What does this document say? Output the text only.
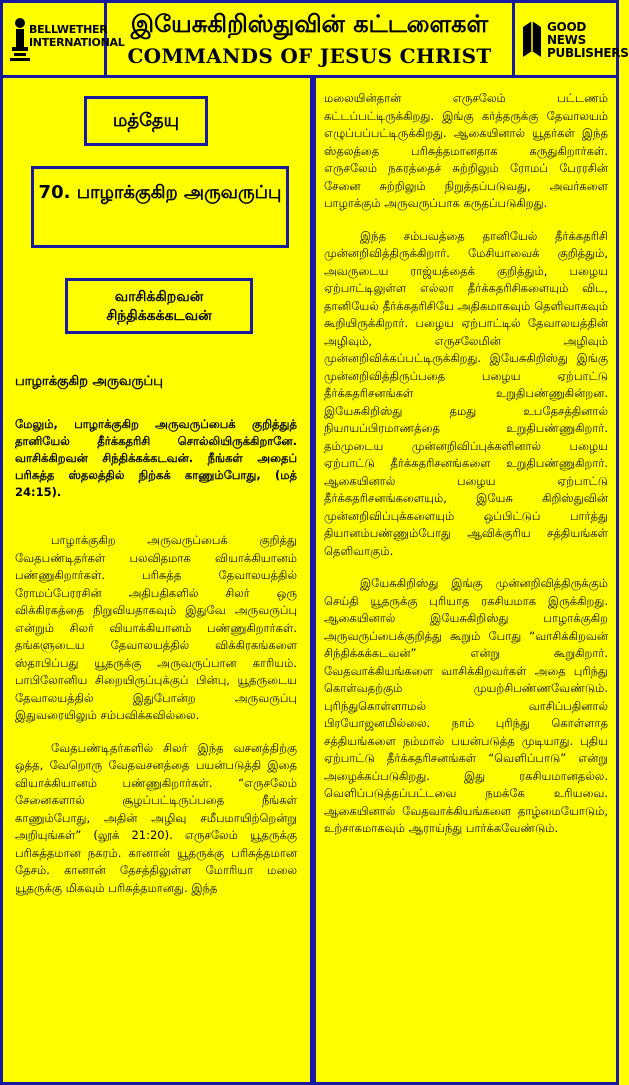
BELLWETHER INTERNATIONAL
இயேசுகிறிஸ்துவின் கட்டளைகள்
COMMANDS OF JESUS CHRIST
GOOD NEWS PUBLISHERS
மத்தேயு
70. பாழாக்குகிற அருவருப்பு
வாசிக்கிறவன் சிந்திக்கக்கடவன்
பாழாக்குகிற அருவருப்பு
மேலும், பாழாக்குகிற அருவருப்பைக் குறித்துத் தானியேல் தீர்க்கதரிசி சொல்லியிருக்கிறானே. வாசிக்கிறவன் சிந்திக்கக்கடவன். நீங்கள் அதைப் பரிசுத்த ஸ்தலத்தில் நிற்கக் காணும்போது, (மத் 24:15).

பாழாக்குகிற அருவருப்பைக் குறித்து வேதபண்டிதர்கள் பலவிதமாக வியாக்கியானம் பண்ணுகிறார்கள். பரிசுத்த தேவாலயத்தில் ரோமப்பேரரசின் அதிபதிகளில் சிலர் ஒரு விக்கிரகத்தை நிறுவியதாகவும் இதுவே அருவருப்பு என்றும் சிலர் வியாக்கியானம் பண்ணுகிறார்கள். தங்களுடைய தேவாலயத்தில் விக்கிரகங்களை ஸ்தாபிப்பது யூதருக்கு அருவருப்பான காரியம். பாபிலோனிய சிறையிருப்புக்குப் பின்பு, யூதருடைய தேவாலயத்தில் இதுபோன்ற அருவருப்பு இதுவரையிலும் சம்பவிக்கவில்லை.

வேதபண்டிதர்களில் சிலர் இந்த வசனத்திற்கு ஒத்த, வேறொரு வேதவசனத்தை பயன்படுத்தி இதை வியாக்கியானம் பண்ணுகிறார்கள். “எருசலேம் சேனைகளால் சூழப்பட்டிருப்பதை நீங்கள் காணும்போது, அதின் அழிவு சமீபமாயிற்றென்று அறியுங்கள்” (லூக் 21:20). எருசலேம் யூதருக்கு பரிசுத்தமான நகரம். கானான் யூதருக்கு பரிசுத்தமான தேசம். கானான் தேசத்திலுள்ள மோரியா மலை யூதருக்கு மிகவும் பரிசுத்தமானது. இந்த

மலையின்தான் எருசலேம் பட்டணம் கட்டப்பட்டிருக்கிறது. இங்கு கர்த்தருக்கு தேவாலயம் எழுப்பப்பட்டிருக்கிறது. ஆகையினால் யூதர்கள் இந்த ஸ்தலத்தை பரிசுத்தமானதாக கருதுகிறார்கள். எருசலேம் நகரத்தைச் சுற்றிலும் ரோமப் பேரரசின் சேனை சுற்றிலும் நிறுத்தப்படுவது, அவர்களை பாழாக்கும் அருவருப்பாக கருதப்படுகிறது.

இந்த சம்பவத்தை தானியேல் தீர்க்கதரிசி முன்னறிவித்திருக்கிறார். மேசியாவைக் குறித்தும், அவருடைய ராஜ்யத்தைக் குறித்தும், பழைய ஏற்பாட்டிலுள்ள எல்லா தீர்க்கதரிசிகளையும் விட, தானியேல் தீர்க்கதரிசியே அதிகமாகவும் தெளிவாகவும் கூறியிருக்கிறார். பழைய ஏற்பாட்டில் தேவாலயத்தின் அழிவும், எருசலேமின் அழிவும் முன்னறிவிக்கப்பட்டிருக்கிறது. இயேசுகிறிஸ்து இங்கு முன்னறிவித்திருப்பதை பழைய ஏற்பாட்டு தீர்க்கதரிசனங்கள் உறுதிபண்ணுகின்றன. இயேசுகிறிஸ்து தமது உபதேசத்தினால் நியாயப்பிரமாணத்தை உறுதிபண்ணுகிறார். தம்முடைய முன்னறிவிப்புக்களினால் பழைய ஏற்பாட்டு தீர்க்கதரிசனங்களை உறுதிபண்ணுகிறார். ஆகையினால் பழைய ஏற்பாட்டு தீர்க்கதரிசனங்களையும், இயேசு கிறிஸ்துவின் முன்னறிவிப்புக்களையும் ஒப்பிட்டுப் பார்த்து தியானம்பண்ணும்போது ஆவிக்குரிய சத்தியங்கள் தெளிவாகும்.

இயேசுகிறிஸ்து இங்கு முன்னறிவித்திருக்கும் செய்தி யூதருக்கு புரியாத ரகசியமாக இருக்கிறது. ஆகையினால் இயேசுகிறிஸ்து பாழாக்குகிற அருவருப்பைக்குறித்து கூறும் போது “வாசிக்கிறவன் சிந்திக்கக்கடவன்” என்று கூறுகிறார். வேதவாக்கியங்களை வாசிக்கிறவர்கள் அதை புரிந்து கொள்வதற்கும் முயற்சிபண்ணவேண்டும். புரிந்துகொள்ளாமல் வாசிப்பதினால் பிரயோஜனமில்லை. நாம் புரிந்து கொள்ளாத சத்தியங்களை நம்மால் பயன்படுத்த முடியாது. புதிய ஏற்பாட்டு தீர்க்கதரிசனங்கள் “வெளிப்பாடு” என்று அழைக்கப்படுகிறது. இது ரகசியமானதல்ல. வெளிப்படுத்தப்பட்டவை நமக்கே உரியவை. ஆகையினால் வேதவாக்கியங்களை தாழ்மையோடும், உற்சாகமாகவும் ஆராய்ந்து பார்க்கவேண்டும்.
